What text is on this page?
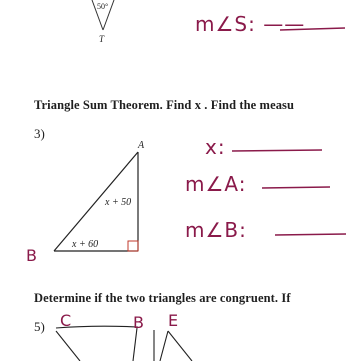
50°
T
m∠S: ——
Triangle Sum Theorem. Find x . Find the measu
3)
A
x + 50
x + 60
B
x:
m∠A:
m∠B:
Determine if the two triangles are congruent. If
5) C	B E
